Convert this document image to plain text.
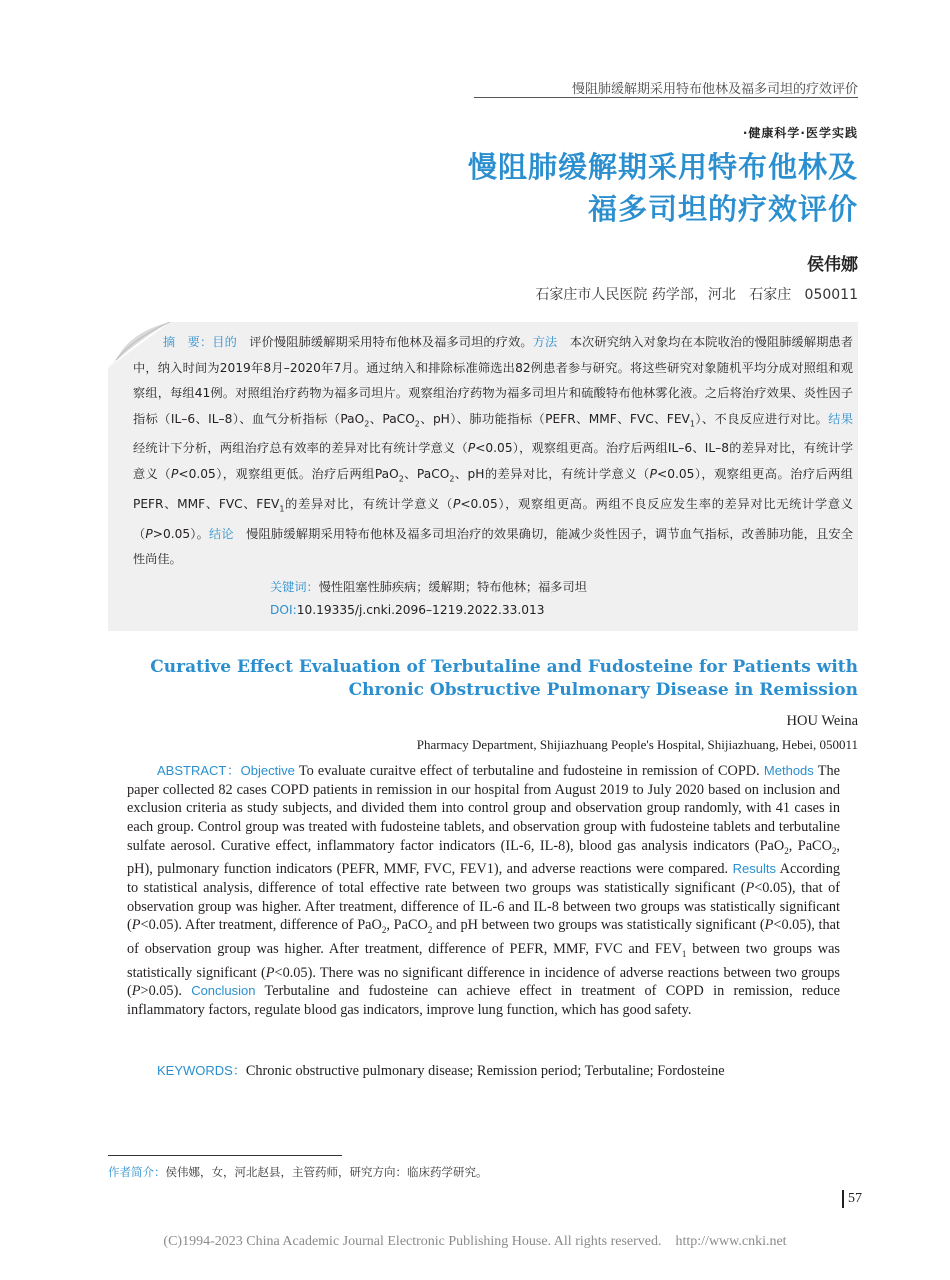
慢阻肺缓解期采用特布他林及福多司坦的疗效评价
·健康科学·医学实践
慢阻肺缓解期采用特布他林及
福多司坦的疗效评价
侯伟娜
石家庄市人民医院 药学部，河北   石家庄   050011
关键词：慢性阻塞性肺疾病；缓解期；特布他林；福多司坦
DOI:10.19335/j.cnki.2096–1219.2022.33.013
摘　要：目的　 评价慢阻肺缓解期采用特布他林及福多司坦的疗效。方法　 本次研究纳入对象均在本院收治的慢阻肺缓解期患者中，纳入时间为2019年8月–2020年7月。通过纳入和排除标准筛选出82例患者参与研究。将这些研究对象随机平均分成对照组和观察组，每组41例。对照组治疗药物为福多司坦片。观察组治疗药物为福多司坦片和硫酸特布他林雾化液。之后将治疗效果、炎性因子指标（IL–6、IL–8）、血气分析指标（PaO$_2$、PaCO$_2$、pH）、肺功能指标（PEFR、MMF、FVC、$FEV_1$）、不良反应进行对比。结果　经统计下分析，两组治疗总有效率的差异对比有统计学意义（P<0.05），观察组更高。治疗后两组IL–6、IL–8的差异对比，有统计学意义（P<0.05），观察组更低。治疗后两组PaO$_2$、PaCO$_2$、pH的差异对比，有统计学意义（P<0.05），观察组更高。治疗后两组PEFR、MMF、FVC、$FEV_1$的差异对比，有统计学意义（P<0.05），观察组更高。两组不良反应发生率的差异对比无统计学意义（P>0.05）。结论　 慢阻肺缓解期采用特布他林及福多司坦治疗的效果确切，能减少炎性因子，调节血气指标，改善肺功能，且安全性尚佳。
Curative Effect Evaluation of Terbutaline and Fudosteine for Patients with
Chronic Obstructive Pulmonary Disease in Remission
HOU Weina
Pharmacy Department, Shijiazhuang People's Hospital, Shijiazhuang, Hebei, 050011
ABSTRACT：Objective To evaluate curaitve effect of terbutaline and fudosteine in remission of COPD. Methods The paper collected 82 cases COPD patients in remission in our hospital from August 2019 to July 2020 based on inclusion and exclusion criteria as study subjects, and divided them into control group and observation group randomly, with 41 cases in each group. Control group was treated with fudosteine tablets, and observation group with fudosteine tablets and terbutaline sulfate aerosol. Curative effect, inflammatory factor indicators (IL-6, IL-8), blood gas analysis indicators (PaO$_2$, PaCO$_2$, pH), pulmonary function indicators (PEFR, MMF, FVC, FEV1), and adverse reactions were compared. Results According to statistical analysis, difference of total effective rate between two groups was statistically significant (P<0.05), that of observation group was higher. After treatment, difference of IL-6 and IL-8 between two groups was statistically significant (P<0.05). After treatment, difference of PaO$_2$, PaCO$_2$ and pH between two groups was statistically significant (P<0.05), that of observation group was higher. After treatment, difference of PEFR, MMF, FVC and $FEV_1$ between two groups was statistically significant (P<0.05). There was no significant difference in incidence of adverse reactions between two groups (P>0.05). Conclusion Terbutaline and fudosteine can achieve effect in treatment of COPD in remission, reduce inflammatory factors, regulate blood gas indicators, improve lung function, which has good safety.
KEYWORDS：Chronic obstructive pulmonary disease; Remission period; Terbutaline; Fordosteine
作者简介：侯伟娜，女，河北赵县，主管药师，研究方向：临床药学研究。
57
(C)1994-2023 China Academic Journal Electronic Publishing House. All rights reserved.    http://www.cnki.net
